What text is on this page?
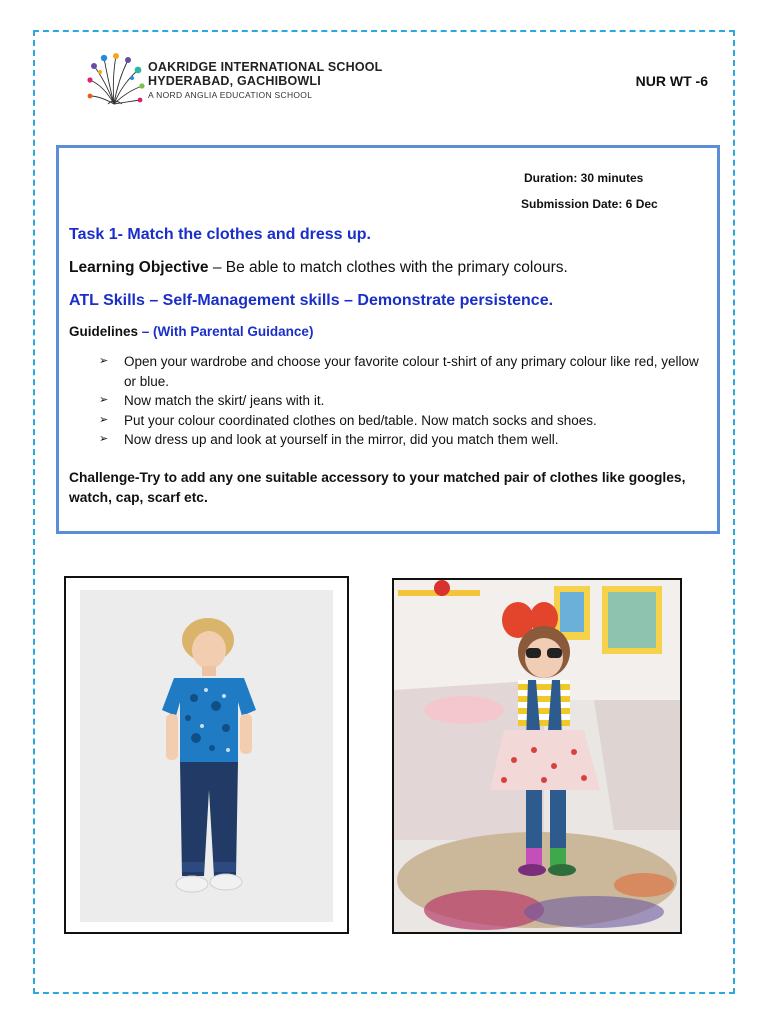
OAKRIDGE INTERNATIONAL SCHOOL
HYDERABAD, GACHIBOWLI
A NORD ANGLIA EDUCATION SCHOOL
NUR WT -6
Duration: 30 minutes
Submission Date: 6 Dec
Task 1- Match the clothes and dress up.
Learning Objective – Be able to match clothes with the primary colours.
ATL Skills – Self-Management skills – Demonstrate persistence.
Guidelines – (With Parental Guidance)
➢ Open your wardrobe and choose your favorite colour t-shirt of any primary colour like red, yellow or blue.
➢ Now match the skirt/ jeans with it.
➢ Put your colour coordinated clothes on bed/table. Now match socks and shoes.
➢ Now dress up and look at yourself in the mirror, did you match them well.
Challenge-Try to add any one suitable accessory to your matched pair of clothes like googles, watch, cap, scarf etc.
